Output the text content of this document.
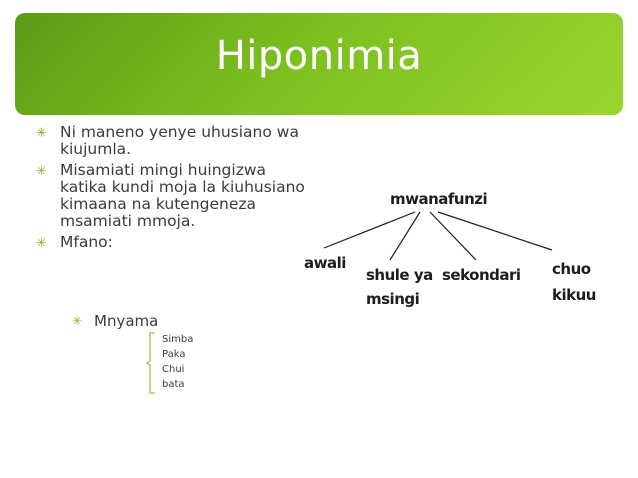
Hiponimia
✳ Ni maneno yenye uhusiano wa kiujumla.
✳ Misamiati mingi huingizwa katika kundi moja la kiuhusiano kimaana na kutengeneza msamiati mmoja.
✳ Mfano:
✳ Mnyama
Simba
Paka
Chui
bata
mwanafunzi
awali
shule ya
msingi
sekondari chuo
kikuu
